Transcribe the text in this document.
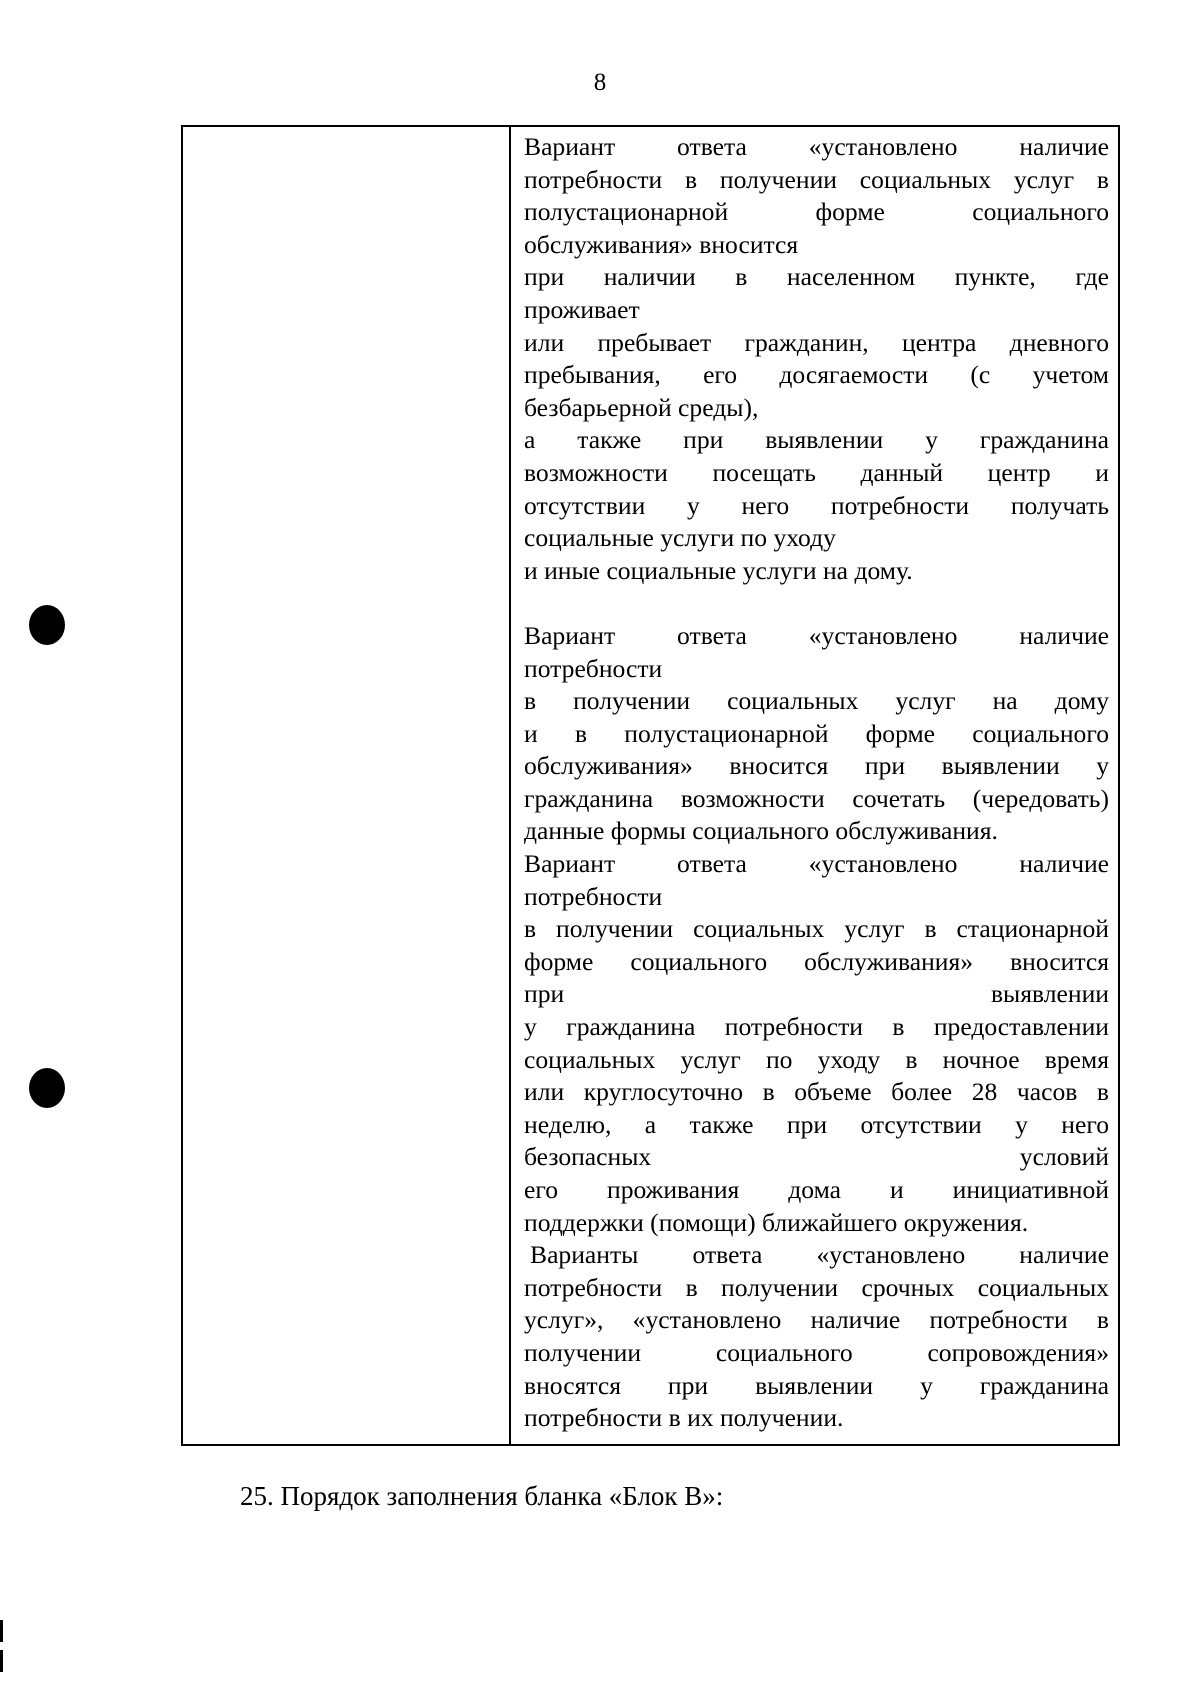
8

Вариант ответа «установлено наличие

потребности в получении социальных услуг в

полустационарной форме социального

обслуживания» вносится

при наличии в населенном пункте, где

проживает

или пребывает гражданин, центра дневного

пребывания, его досягаемости (с учетом

безбарьерной среды),

а также при выявлении у гражданина

возможности посещать данный центр и

отсутствии у него потребности получать

социальные услуги по уходу

и иные социальные услуги на дому.

Вариант ответа «установлено наличие

потребности

в получении социальных услуг на дому

и в полустационарной форме социального

обслуживания» вносится при выявлении у

гражданина возможности сочетать (чередовать)

данные формы социального обслуживания.

Вариант ответа «установлено наличие

потребности

в получении социальных услуг в стационарной

форме социального обслуживания» вносится

при выявлении

у гражданина потребности в предоставлении

социальных услуг по уходу в ночное время

или круглосуточно в объеме более 28 часов в

неделю, а также при отсутствии у него

безопасных условий

его проживания дома и инициативной

поддержки (помощи) ближайшего окружения.

Варианты ответа «установлено наличие

потребности в получении срочных социальных

услуг», «установлено наличие потребности в

получении социального сопровождения»

вносятся при выявлении у гражданина

потребности в их получении.

25. Порядок заполнения бланка «Блок В»:
